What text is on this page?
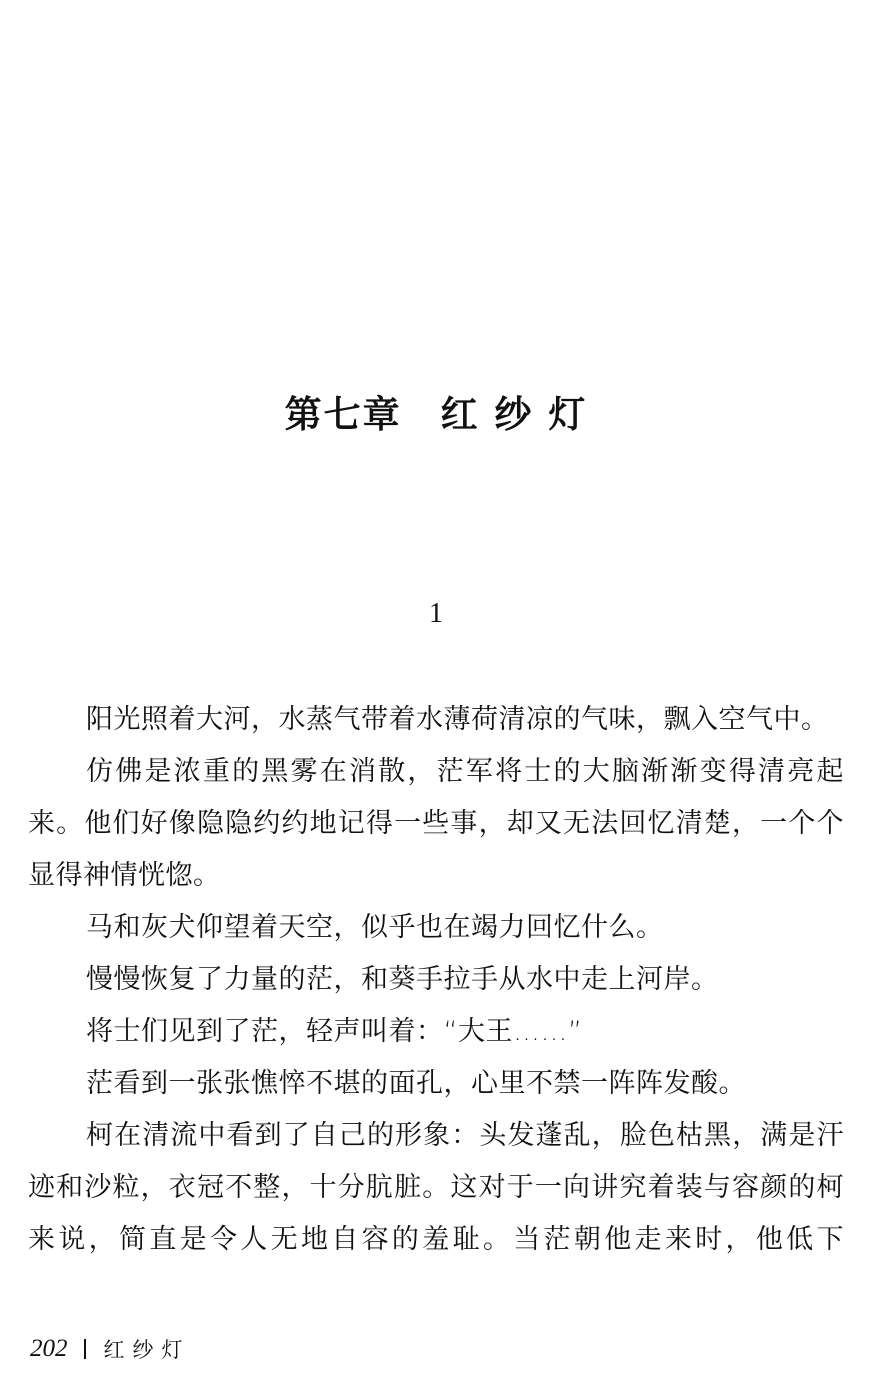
第七章　红 纱 灯
1
阳光照着大河，水蒸气带着水薄荷清凉的气味，飘入空气中。
仿佛是浓重的黑雾在消散，茫军将士的大脑渐渐变得清亮起
来。他们好像隐隐约约地记得一些事，却又无法回忆清楚，一个个
显得神情恍惚。
马和灰犬仰望着天空，似乎也在竭力回忆什么。
慢慢恢复了力量的茫，和葵手拉手从水中走上河岸。
将士们见到了茫，轻声叫着：“大王……”
茫看到一张张憔悴不堪的面孔，心里不禁一阵阵发酸。
柯在清流中看到了自己的形象：头发蓬乱，脸色枯黑，满是汗
迹和沙粒，衣冠不整，十分肮脏。这对于一向讲究着装与容颜的柯
来说，简直是令人无地自容的羞耻。当茫朝他走来时，他低下
202 红纱灯
